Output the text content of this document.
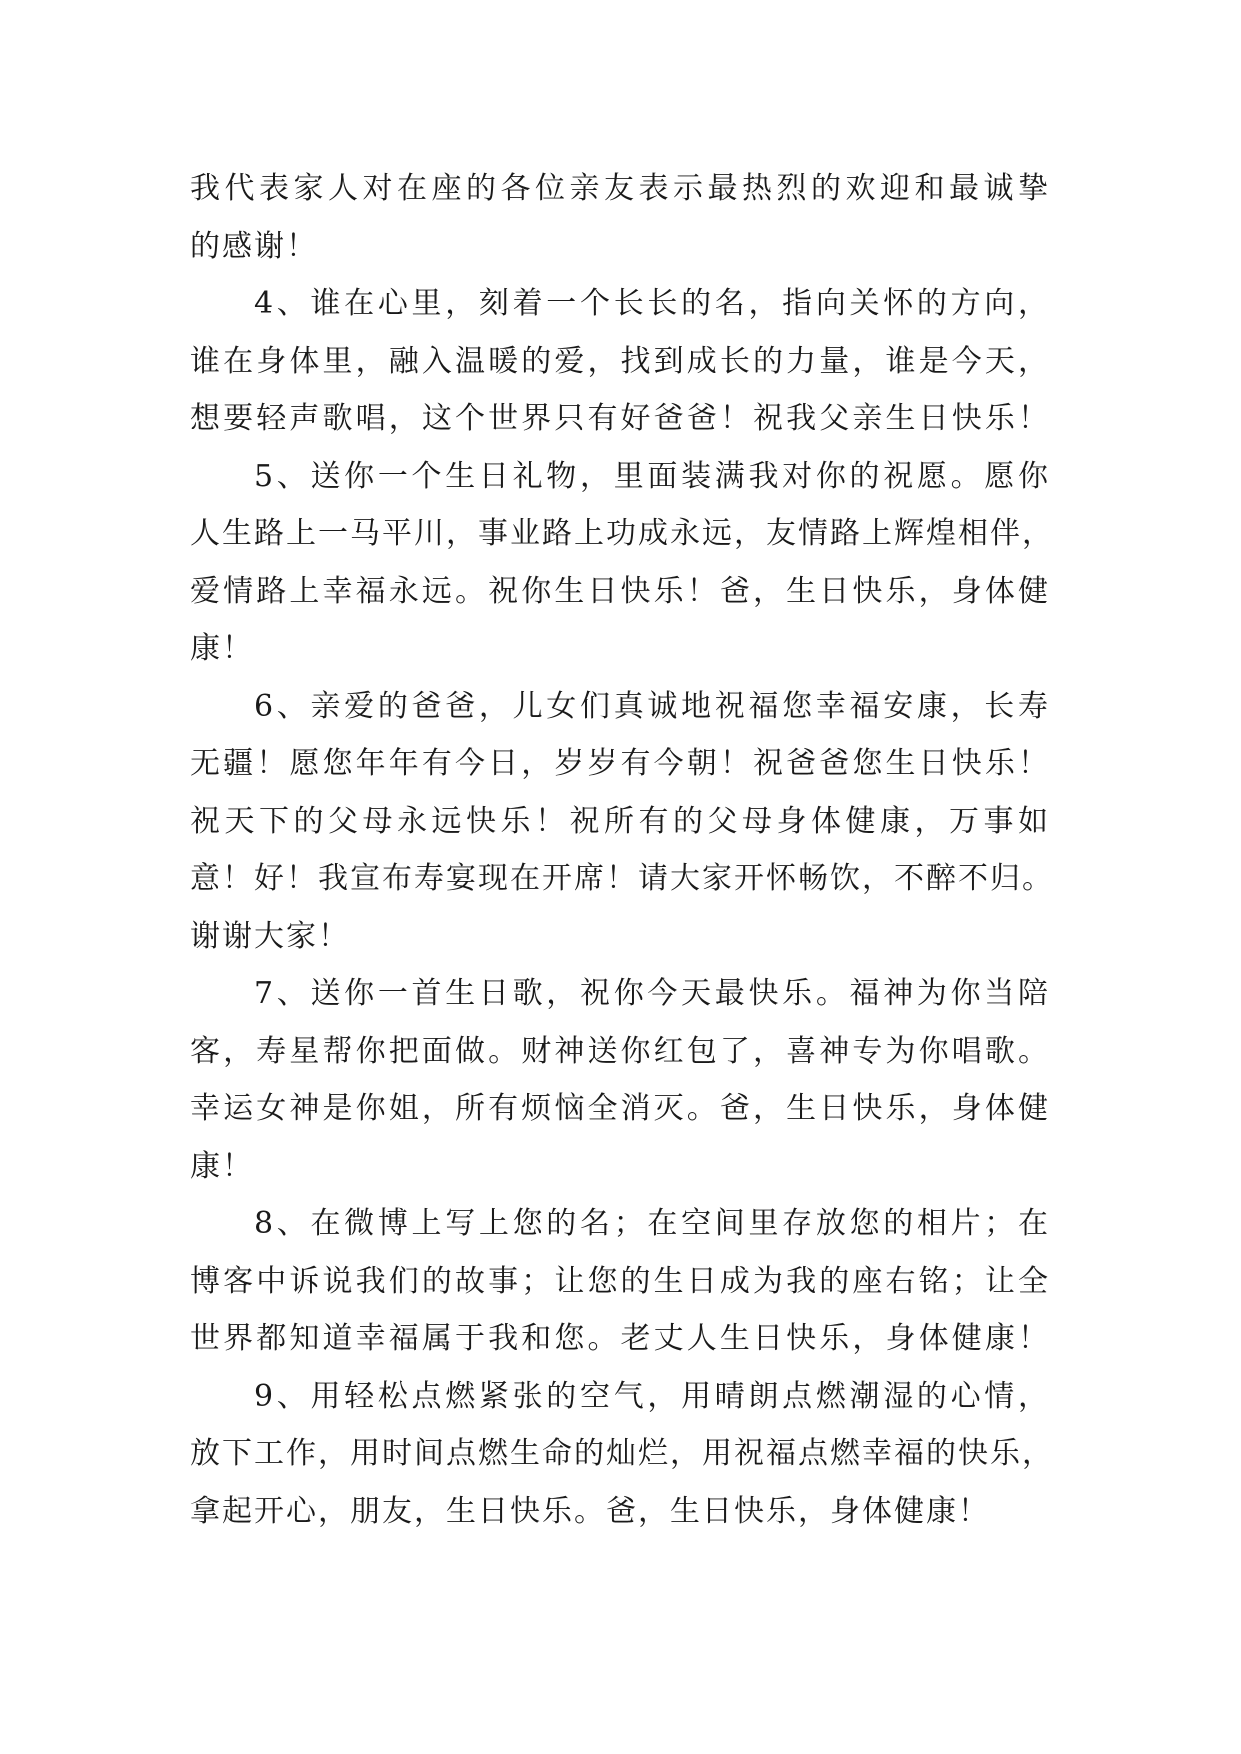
我代表家人对在座的各位亲友表示最热烈的欢迎和最诚挚
的感谢！
4、谁在心里，刻着一个长长的名，指向关怀的方向，
谁在身体里，融入温暖的爱，找到成长的力量，谁是今天，
想要轻声歌唱，这个世界只有好爸爸！祝我父亲生日快乐！
5、送你一个生日礼物，里面装满我对你的祝愿。愿你
人生路上一马平川，事业路上功成永远，友情路上辉煌相伴，
爱情路上幸福永远。祝你生日快乐！爸，生日快乐，身体健
康！
6、亲爱的爸爸，儿女们真诚地祝福您幸福安康，长寿
无疆！愿您年年有今日，岁岁有今朝！祝爸爸您生日快乐！
祝天下的父母永远快乐！祝所有的父母身体健康，万事如
意！好！我宣布寿宴现在开席！请大家开怀畅饮，不醉不归。
谢谢大家！
7、送你一首生日歌，祝你今天最快乐。福神为你当陪
客，寿星帮你把面做。财神送你红包了，喜神专为你唱歌。
幸运女神是你姐，所有烦恼全消灭。爸，生日快乐，身体健
康！
8、在微博上写上您的名；在空间里存放您的相片；在
博客中诉说我们的故事；让您的生日成为我的座右铭；让全
世界都知道幸福属于我和您。老丈人生日快乐，身体健康！
9、用轻松点燃紧张的空气，用晴朗点燃潮湿的心情，
放下工作，用时间点燃生命的灿烂，用祝福点燃幸福的快乐，
拿起开心，朋友，生日快乐。爸，生日快乐，身体健康！
